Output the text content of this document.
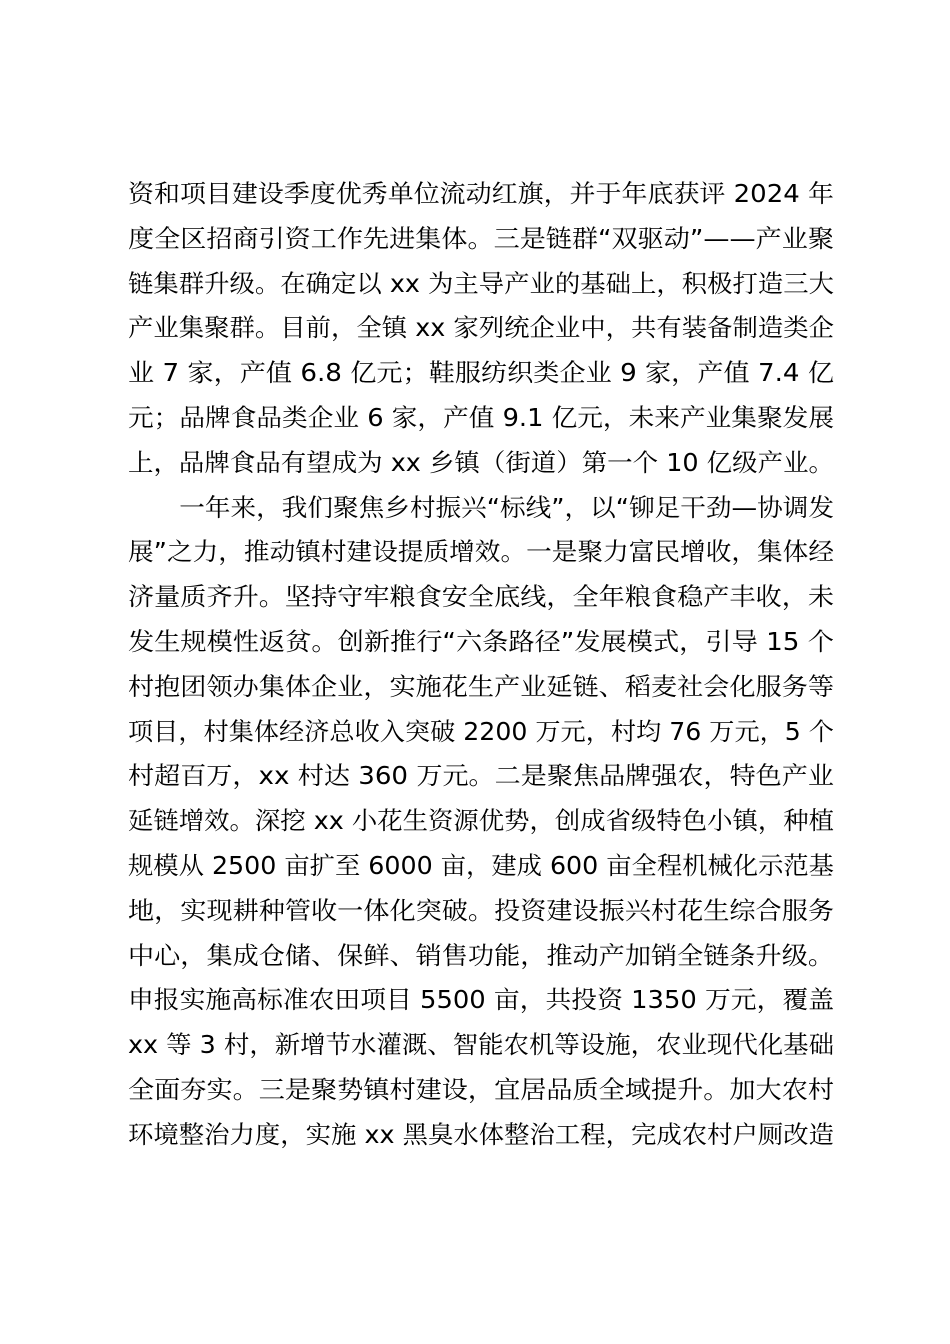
资和项目建设季度优秀单位流动红旗，并于年底获评 2024 年
度全区招商引资工作先进集体。三是链群“双驱动”——产业聚
链集群升级。在确定以 xx 为主导产业的基础上，积极打造三大
产业集聚群。目前，全镇 xx 家列统企业中，共有装备制造类企
业 7 家，产值 6.8 亿元；鞋服纺织类企业 9 家，产值 7.4 亿
元；品牌食品类企业 6 家，产值 9.1 亿元，未来产业集聚发展
上，品牌食品有望成为 xx 乡镇（街道）第一个 10 亿级产业。
　　一年来，我们聚焦乡村振兴“标线”，以“铆足干劲—协调发
展”之力，推动镇村建设提质增效。一是聚力富民增收，集体经
济量质齐升。坚持守牢粮食安全底线，全年粮食稳产丰收，未
发生规模性返贫。创新推行“六条路径”发展模式，引导 15 个
村抱团领办集体企业，实施花生产业延链、稻麦社会化服务等
项目，村集体经济总收入突破 2200 万元，村均 76 万元，5 个
村超百万，xx 村达 360 万元。二是聚焦品牌强农，特色产业
延链增效。深挖 xx 小花生资源优势，创成省级特色小镇，种植
规模从 2500 亩扩至 6000 亩，建成 600 亩全程机械化示范基
地，实现耕种管收一体化突破。投资建设振兴村花生综合服务
中心，集成仓储、保鲜、销售功能，推动产加销全链条升级。
申报实施高标准农田项目 5500 亩，共投资 1350 万元，覆盖
xx 等 3 村，新增节水灌溉、智能农机等设施，农业现代化基础
全面夯实。三是聚势镇村建设，宜居品质全域提升。加大农村
环境整治力度，实施 xx 黑臭水体整治工程，完成农村户厕改造
